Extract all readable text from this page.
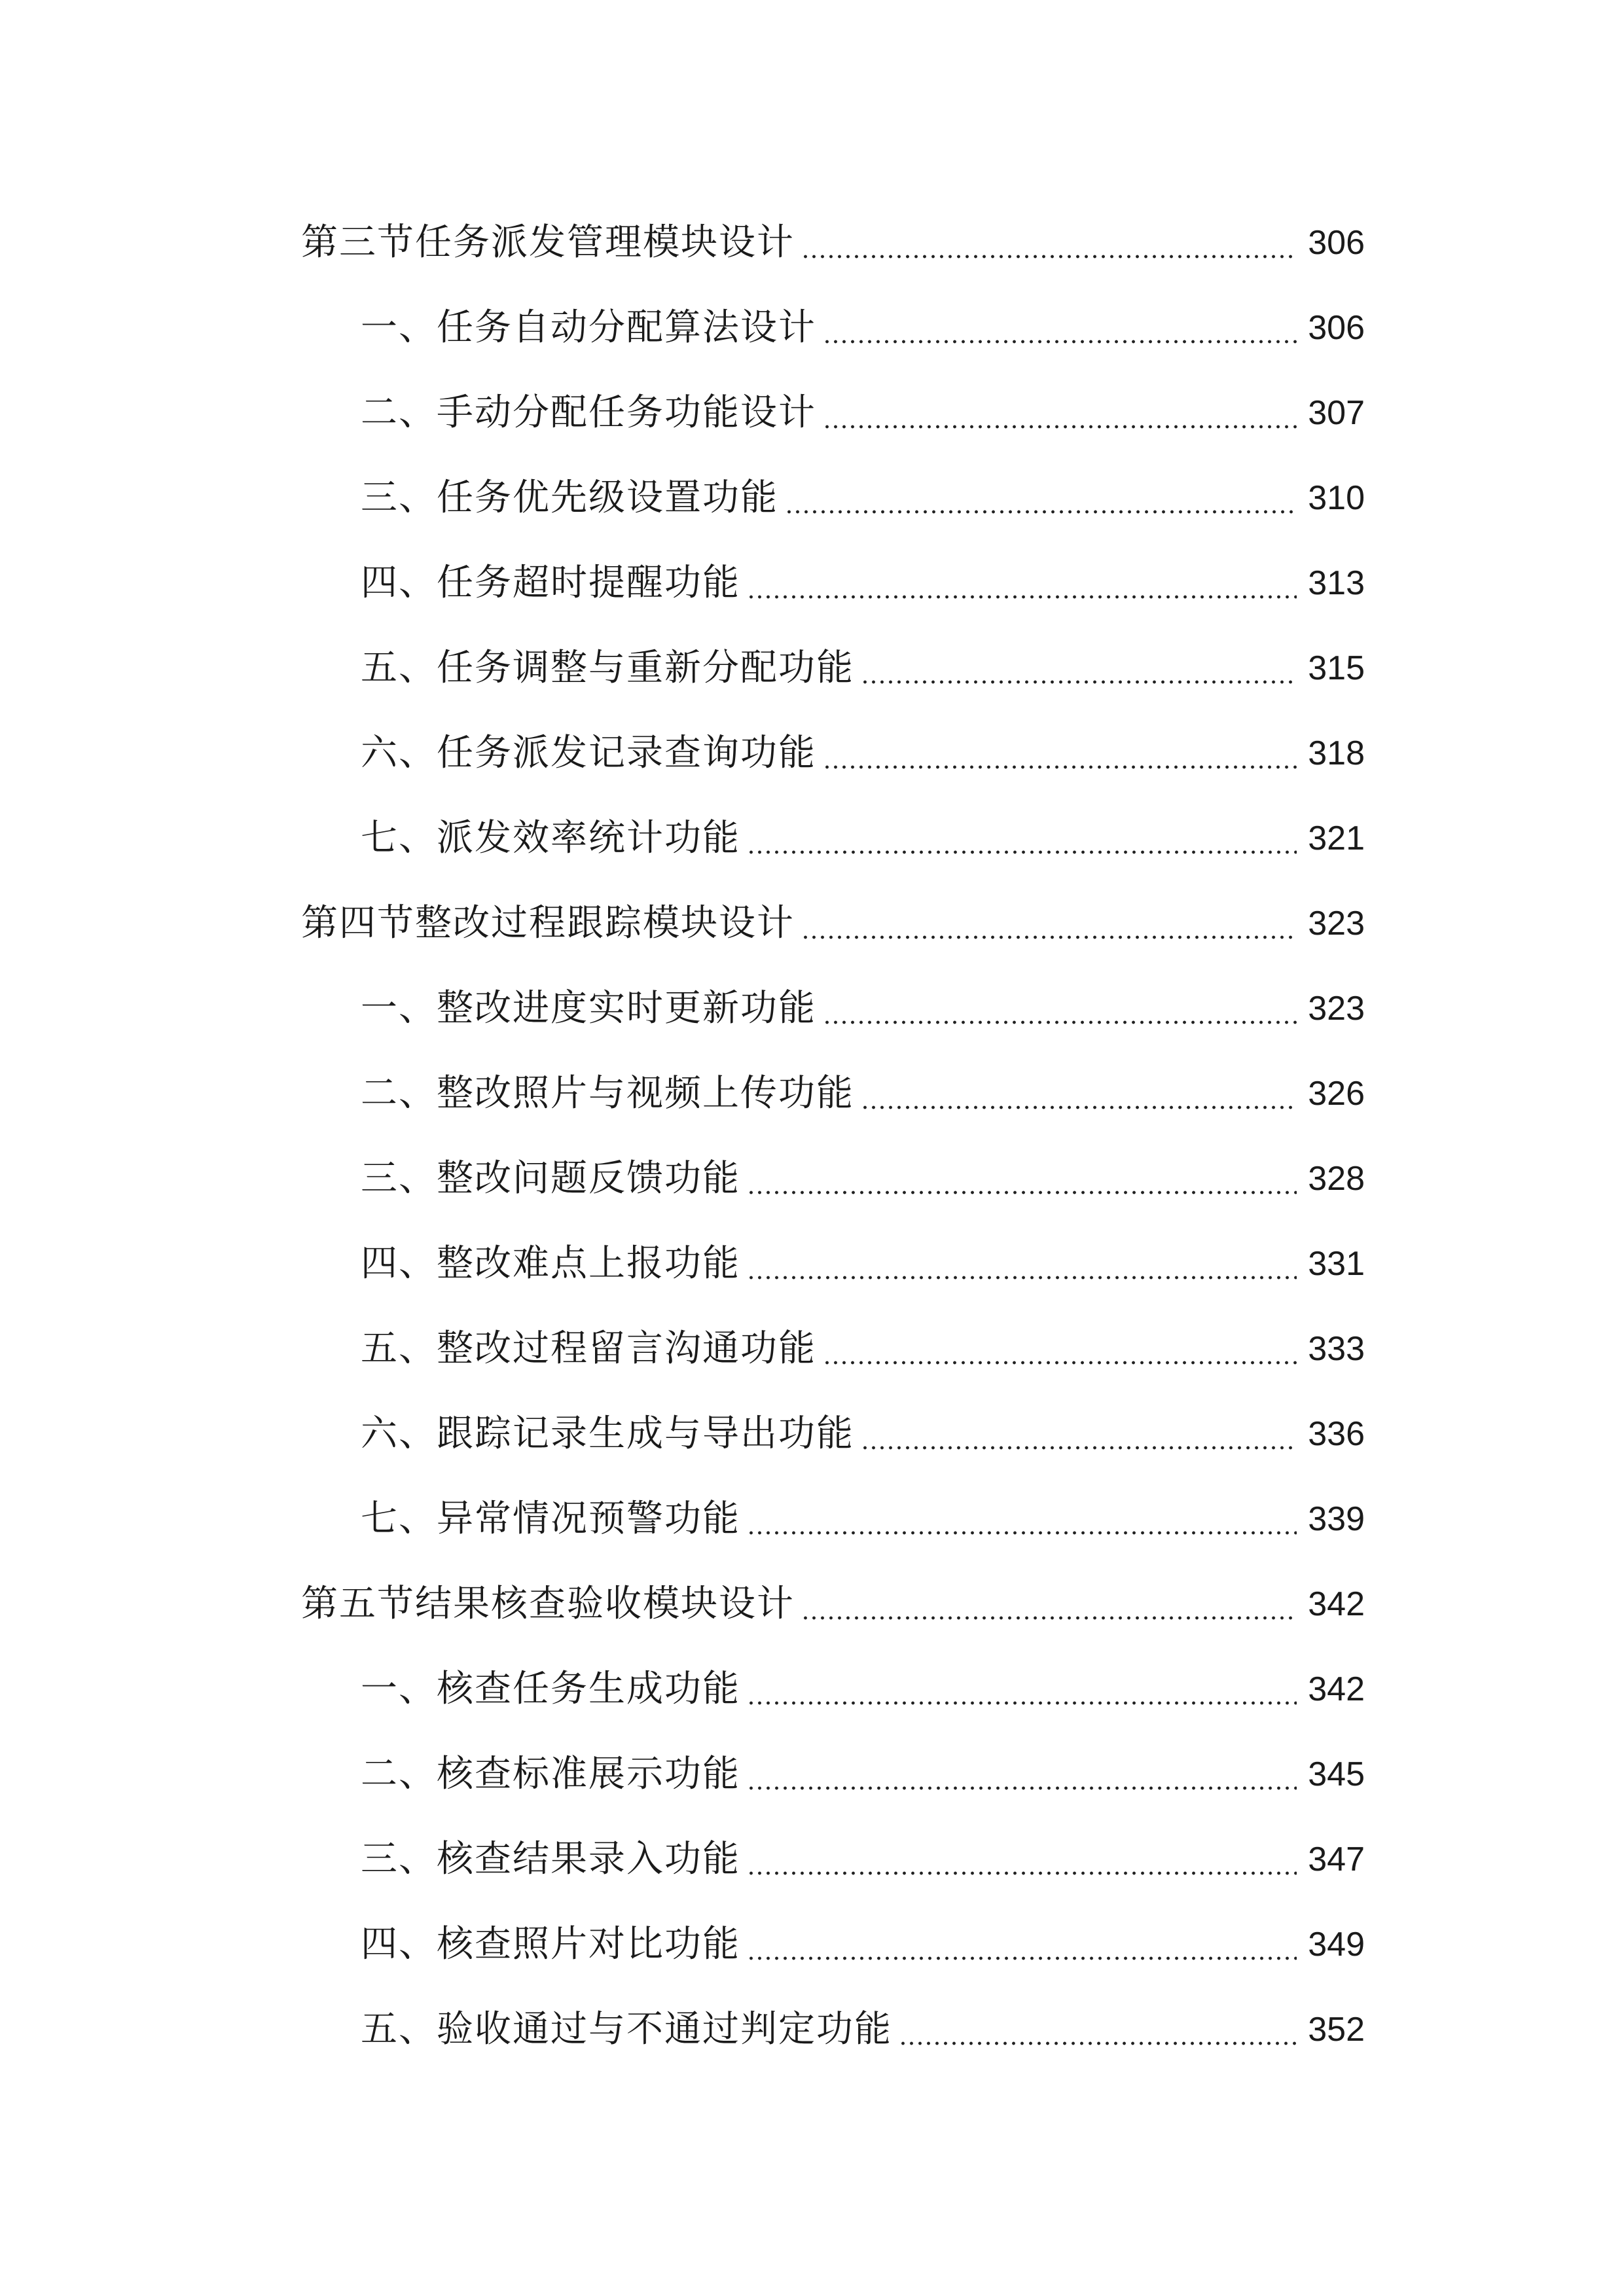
第三节任务派发管理模块设计	306
一、任务自动分配算法设计	306
二、手动分配任务功能设计	307
三、任务优先级设置功能	310
四、任务超时提醒功能	313
五、任务调整与重新分配功能	315
六、任务派发记录查询功能	318
七、派发效率统计功能	321
第四节整改过程跟踪模块设计	323
一、整改进度实时更新功能	323
二、整改照片与视频上传功能	326
三、整改问题反馈功能	328
四、整改难点上报功能	331
五、整改过程留言沟通功能	333
六、跟踪记录生成与导出功能	336
七、异常情况预警功能	339
第五节结果核查验收模块设计	342
一、核查任务生成功能	342
二、核查标准展示功能	345
三、核查结果录入功能	347
四、核查照片对比功能	349
五、验收通过与不通过判定功能	352
